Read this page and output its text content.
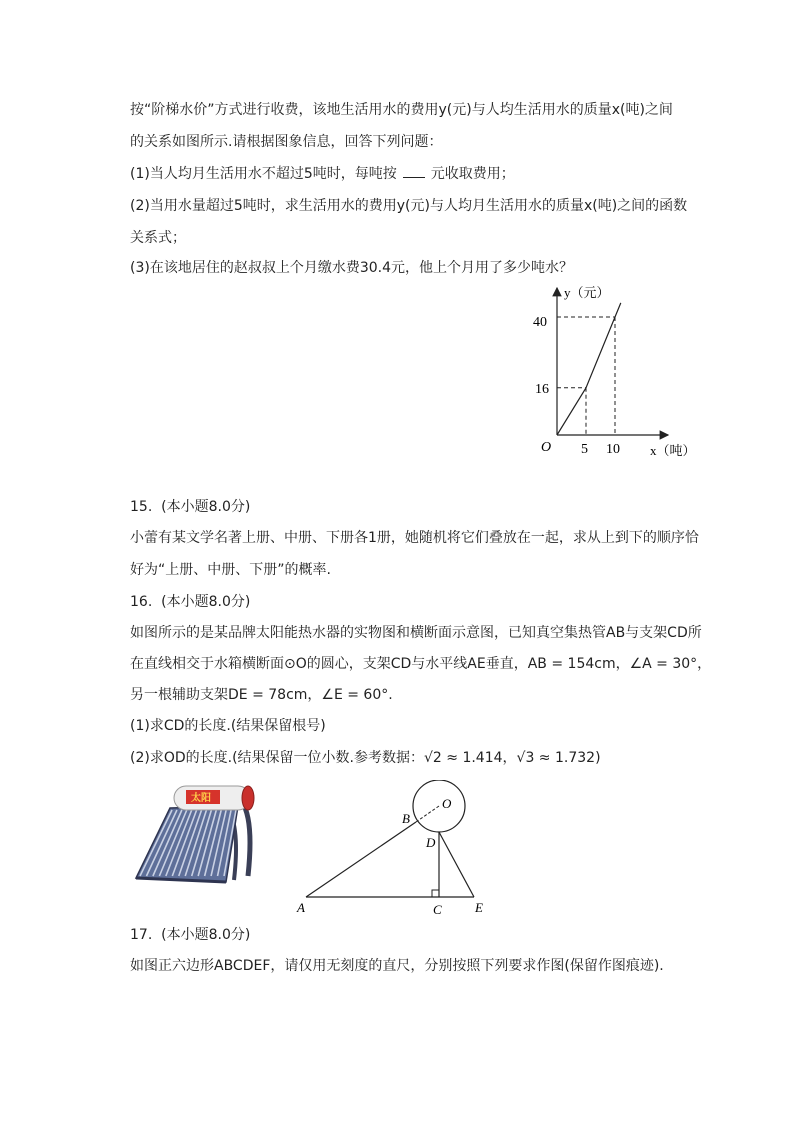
按“阶梯水价”方式进行收费，该地生活用水的费用y(元)与人均生活用水的质量x(吨)之间
的关系如图所示.请根据图象信息，回答下列问题：
(1)当人均月生活用水不超过5吨时，每吨按 元收取费用；
(2)当用水量超过5吨时，求生活用水的费用y(元)与人均月生活用水的质量x(吨)之间的函数
关系式；
(3)在该地居住的赵叔叔上个月缴水费30.4元，他上个月用了多少吨水？
y（元）
x（吨）
O
40
16
5 10
15. (本小题8.0分)
小蕾有某文学名著上册、中册、下册各1册，她随机将它们叠放在一起，求从上到下的顺序恰
好为“上册、中册、下册”的概率.
16. (本小题8.0分)
如图所示的是某品牌太阳能热水器的实物图和横断面示意图，已知真空集热管AB与支架CD所
在直线相交于水箱横断面⊙O的圆心，支架CD与水平线AE垂直，AB = 154cm，∠A = 30°，
另一根辅助支架DE = 78cm，∠E = 60°.
(1)求CD的长度.(结果保留根号)
(2)求OD的长度.(结果保留一位小数.参考数据：√2 ≈ 1.414，√3 ≈ 1.732)
太阳	O
B
D
A	C	E
17. (本小题8.0分)
如图正六边形ABCDEF，请仅用无刻度的直尺，分别按照下列要求作图(保留作图痕迹).
